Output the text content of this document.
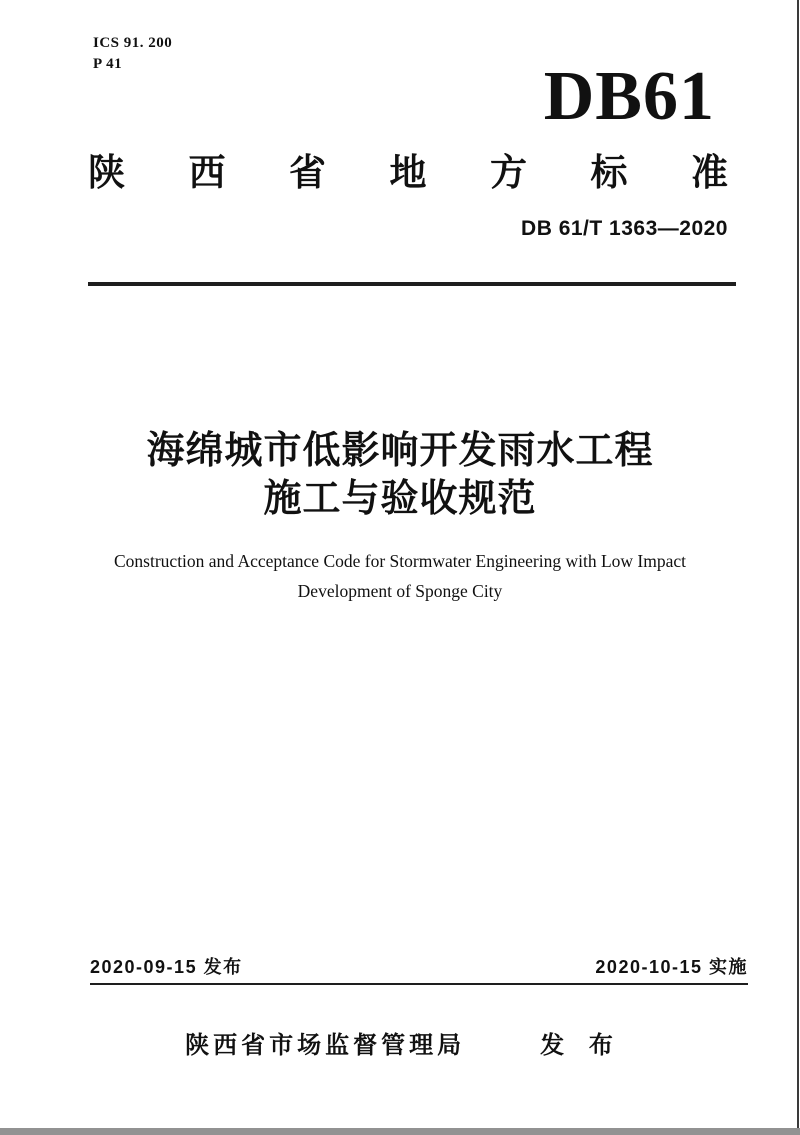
ICS 91. 200
P 41	DB61
陕西省地方标准
DB 61/T 1363—2020
海绵城市低影响开发雨水工程
施工与验收规范
Construction and Acceptance Code for Stormwater Engineering with Low Impact
Development of Sponge City
2020-09-15 发布	2020-10-15 实施
陕西省市场监督管理局	发 布
